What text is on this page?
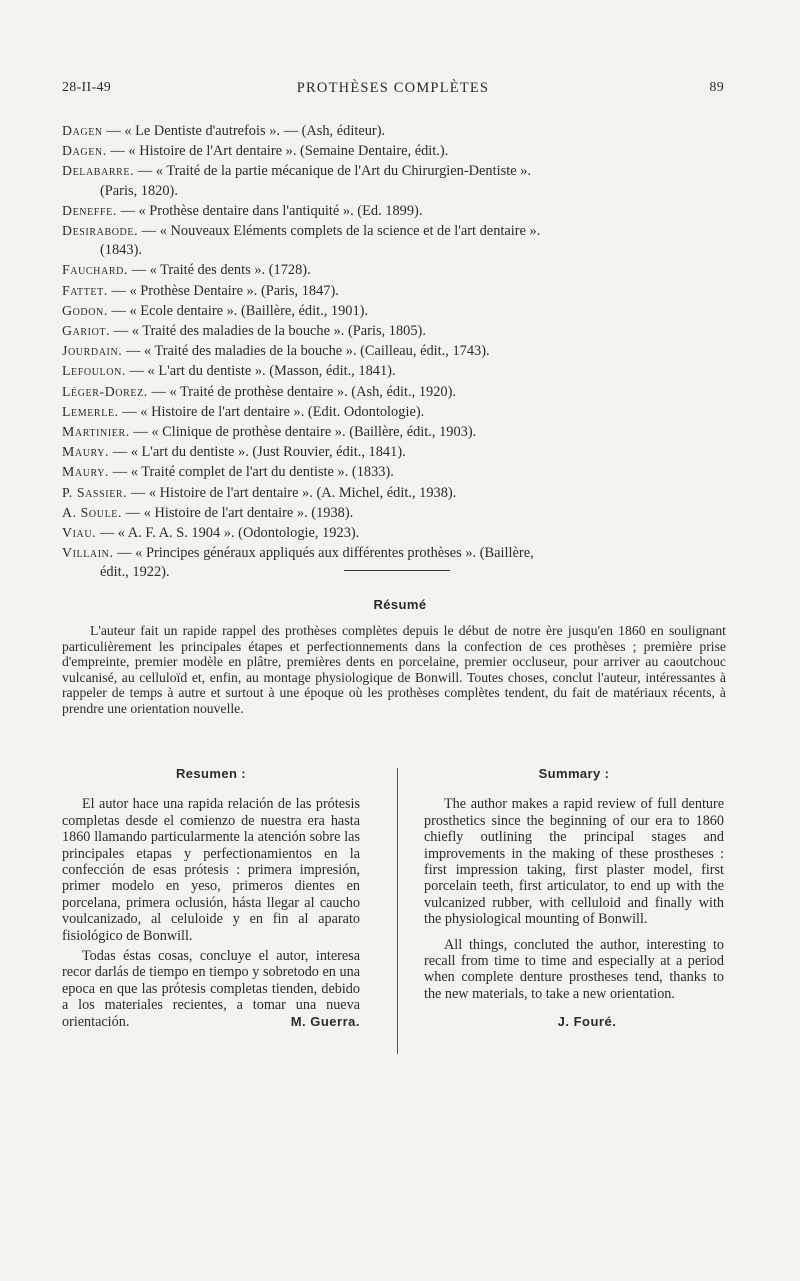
28-II-49	PROTHÈSES COMPLÈTES	89
Dagen — « Le Dentiste d'autrefois ». — (Ash, éditeur).
Dagen. — « Histoire de l'Art dentaire ». (Semaine Dentaire, édit.).
Delabarre. — « Traité de la partie mécanique de l'Art du Chirurgien-Dentiste ».
(Paris, 1820).
Deneffe. — « Prothèse dentaire dans l'antiquité ». (Ed. 1899).
Desirabode. — « Nouveaux Eléments complets de la science et de l'art dentaire ».
(1843).
Fauchard. — « Traité des dents ». (1728).
Fattet. — « Prothèse Dentaire ». (Paris, 1847).
Godon. — « Ecole dentaire ». (Baillère, édit., 1901).
Gariot. — « Traité des maladies de la bouche ». (Paris, 1805).
Jourdain. — « Traité des maladies de la bouche ». (Cailleau, édit., 1743).
Lefoulon. — « L'art du dentiste ». (Masson, édit., 1841).
Léger-Dorez. — « Traité de prothèse dentaire ». (Ash, édit., 1920).
Lemerle. — « Histoire de l'art dentaire ». (Edit. Odontologie).
Martinier. — « Clinique de prothèse dentaire ». (Baillère, édit., 1903).
Maury. — « L'art du dentiste ». (Just Rouvier, édit., 1841).
Maury. — « Traité complet de l'art du dentiste ». (1833).
P. Sassier. — « Histoire de l'art dentaire ». (A. Michel, édit., 1938).
A. Soule. — « Histoire de l'art dentaire ». (1938).
Viau. — « A. F. A. S. 1904 ». (Odontologie, 1923).
Villain. — « Principes généraux appliqués aux différentes prothèses ». (Baillère,
édit., 1922).
Résumé
L'auteur fait un rapide rappel des prothèses complètes depuis le début de notre ère jusqu'en 1860 en soulignant particulièrement les principales étapes et perfectionnements dans la confection de ces prothèses ; première prise d'empreinte, premier modèle en plâtre, premières dents en porcelaine, premier occluseur, pour arriver au caoutchouc vulcanisé, au celluloïd et, enfin, au montage physiologique de Bonwill. Toutes choses, conclut l'auteur, intéressantes à rappeler de temps à autre et surtout à une époque où les prothèses complètes tendent, du fait de matériaux récents, à prendre une orientation nouvelle.
Resumen :

El autor hace una rapida relación de las prótesis completas desde el comienzo de nuestra era hasta 1860 llamando particularmente la atención sobre las principales etapas y perfectionamientos en la confección de esas prótesis : primera impresión, primer modelo en yeso, primeros dientes en porcelana, primera oclusión, hásta llegar al caucho voulcanizado, al celuloide y en fin al aparato fisiológico de Bonwill.

Todas éstas cosas, concluye el autor, interesa recor darlás de tiempo en tiempo y sobretodo en una epoca en que las prótesis completas tienden, debido a los materiales recientes, a tomar una nueva orientación.	M. Guerra.

Summary :

The author makes a rapid review of full denture prosthetics since the beginning of our era to 1860 chiefly outlining the principal stages and improvements in the making of these prostheses : first impression taking, first plaster model, first porcelain teeth, first articulator, to end up with the vulcanized rubber, with celluloid and finally with the physiological mounting of Bonwill.

All things, concluted the author, interesting to recall from time to time and especially at a period when complete denture prostheses tend, thanks to the new materials, to take a new orientation.

J. Fouré.
